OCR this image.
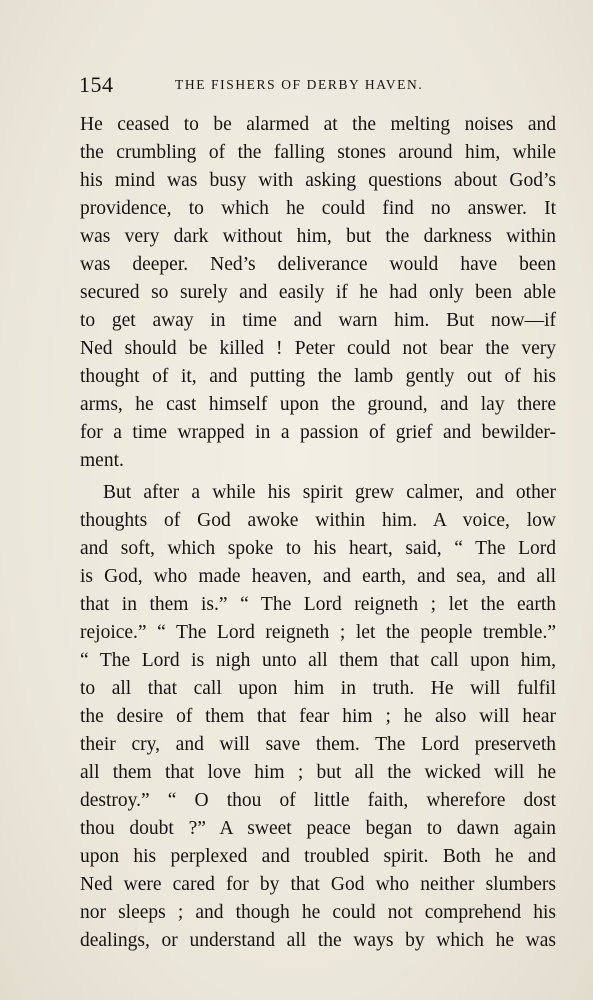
154	THE FISHERS OF DERBY HAVEN.
He ceased to be alarmed at the melting noises and
the crumbling of the falling stones around him, while
his mind was busy with asking questions about God’s
providence, to which he could find no answer. It
was very dark without him, but the darkness within
was deeper. Ned’s deliverance would have been
secured so surely and easily if he had only been able
to get away in time and warn him. But now—if
Ned should be killed ! Peter could not bear the very
thought of it, and putting the lamb gently out of his
arms, he cast himself upon the ground, and lay there
for a time wrapped in a passion of grief and bewilder-
ment.
But after a while his spirit grew calmer, and other
thoughts of God awoke within him. A voice, low
and soft, which spoke to his heart, said, “ The Lord
is God, who made heaven, and earth, and sea, and all
that in them is.” “ The Lord reigneth ; let the earth
rejoice.” “ The Lord reigneth ; let the people tremble.”
“ The Lord is nigh unto all them that call upon him,
to all that call upon him in truth. He will fulfil
the desire of them that fear him ; he also will hear
their cry, and will save them. The Lord preserveth
all them that love him ; but all the wicked will he
destroy.” “ O thou of little faith, wherefore dost
thou doubt ?” A sweet peace began to dawn again
upon his perplexed and troubled spirit. Both he and
Ned were cared for by that God who neither slumbers
nor sleeps ; and though he could not comprehend his
dealings, or understand all the ways by which he was
